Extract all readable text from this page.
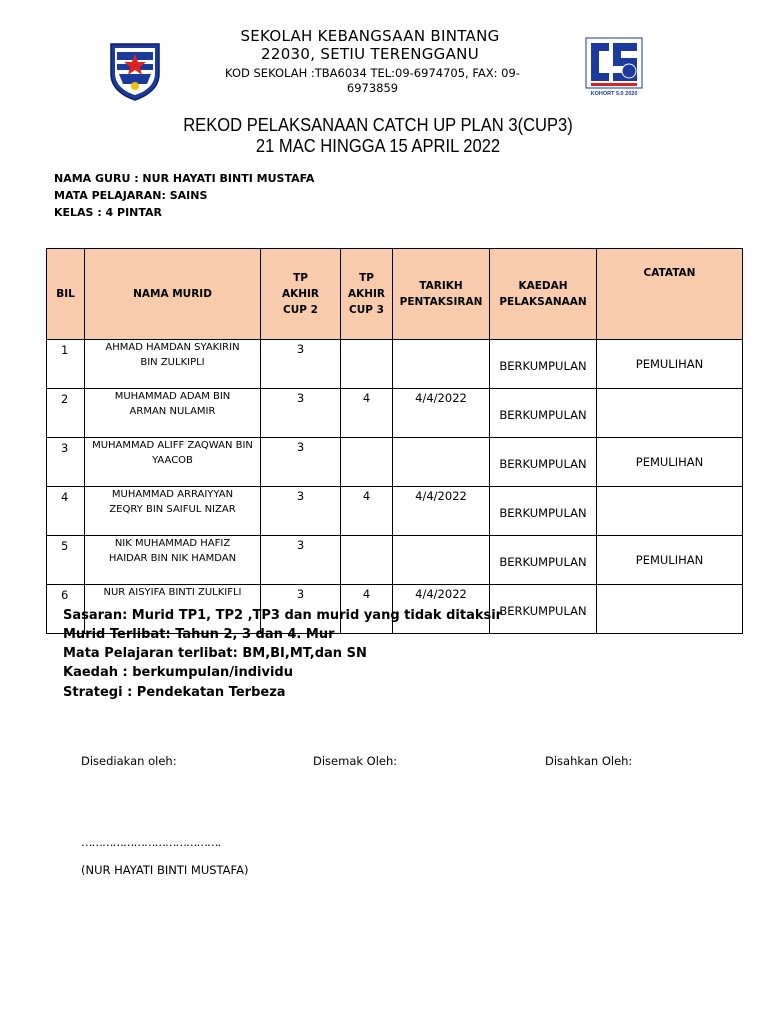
SEKOLAH KEBANGSAAN BINTANG
22030, SETIU TERENGGANU
KOD SEKOLAH :TBA6034 TEL:09-6974705, FAX: 09-6973859	KOHORT 5.0 2020
REKOD PELAKSANAAN CATCH UP PLAN 3(CUP3)
21 MAC HINGGA 15 APRIL 2022
NAMA GURU : NUR HAYATI BINTI MUSTAFA
MATA PELAJARAN: SAINS
KELAS : 4 PINTAR
BIL	NAMA MURID	TP AKHIR CUP 2	TP AKHIR CUP 3	TARIKH PENTAKSIRAN	KAEDAH PELAKSANAAN	CATATAN
1	AHMAD HAMDAN SYAKIRIN BIN ZULKIPLI	3			BERKUMPULAN	PEMULIHAN
2	MUHAMMAD ADAM BIN ARMAN NULAMIR	3	4	4/4/2022	BERKUMPULAN	
3	MUHAMMAD ALIFF ZAQWAN BIN YAACOB	3			BERKUMPULAN	PEMULIHAN
4	MUHAMMAD ARRAIYYAN ZEQRY BIN SAIFUL NIZAR	3	4	4/4/2022	BERKUMPULAN	
5	NIK MUHAMMAD HAFIZ HAIDAR BIN NIK HAMDAN	3			BERKUMPULAN	PEMULIHAN
6	NUR AISYIFA BINTI ZULKIFLI	3	4	4/4/2022	BERKUMPULAN	
Sasaran: Murid TP1, TP2 ,TP3 dan murid yang tidak ditaksir
Murid Terlibat: Tahun 2, 3 dan 4. Mur
Mata Pelajaran terlibat: BM,BI,MT,dan SN
Kaedah : berkumpulan/individu
Strategi : Pendekatan Terbeza
Disediakan oleh:	Disemak Oleh:	Disahkan Oleh:
………………………………….
(NUR HAYATI BINTI MUSTAFA)
